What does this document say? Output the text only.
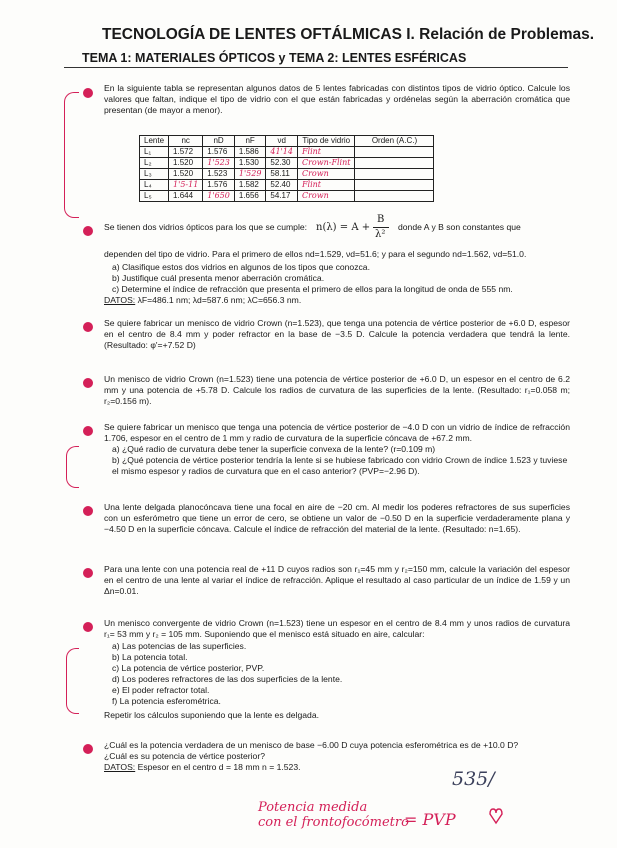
TECNOLOGÍA DE LENTES OFTÁLMICAS I. Relación de Problemas.
TEMA 1: MATERIALES ÓPTICOS y TEMA 2: LENTES ESFÉRICAS
En la siguiente tabla se representan algunos datos de 5 lentes fabricadas con distintos tipos de vidrio óptico. Calcule los valores que faltan, indique el tipo de vidrio con el que están fabricadas y ordénelas según la aberración cromática que presentan (de mayor a menor).
Lente	nc	nD	nF	νd	Tipo de vidrio	Orden (A.C.)
L₁	1.572	1.576	1.586	41'14	Flint	
L₂	1.520	1'523	1.530	52.30	Crown-Flint	
L₃	1.520	1.523	1'529	58.11	Crown	
L₄	1'5-11	1.576	1.582	52.40	Flint	
L₅	1.644	1'650	1.656	54.17	Crown	
Se tienen dos vidrios ópticos para los que se cumple: n(λ) = A +
B
λ²
donde A y B son constantes que
dependen del tipo de vidrio. Para el primero de ellos nd=1.529, νd=51.6; y para el segundo nd=1.562, νd=51.0.
a) Clasifique estos dos vidrios en algunos de los tipos que conozca.
b) Justifique cuál presenta menor aberración cromática.
c) Determine el índice de refracción que presenta el primero de ellos para la longitud de onda de 555 nm.
DATOS: λF=486.1 nm; λd=587.6 nm; λC=656.3 nm.
Se quiere fabricar un menisco de vidrio Crown (n=1.523), que tenga una potencia de vértice posterior de +6.0 D, espesor en el centro de 8.4 mm y poder refractor en la base de −3.5 D. Calcule la potencia verdadera que tendrá la lente. (Resultado: φ'=+7.52 D)
Un menisco de vidrio Crown (n=1.523) tiene una potencia de vértice posterior de +6.0 D, un espesor en el centro de 6.2 mm y una potencia de +5.78 D. Calcule los radios de curvatura de las superficies de la lente. (Resultado: r₁=0.058 m; r₂=0.156 m).
Se quiere fabricar un menisco que tenga una potencia de vértice posterior de −4.0 D con un vidrio de índice de refracción 1.706, espesor en el centro de 1 mm y radio de curvatura de la superficie cóncava de +67.2 mm.
a) ¿Qué radio de curvatura debe tener la superficie convexa de la lente? (r=0.109 m)
b) ¿Qué potencia de vértice posterior tendría la lente si se hubiese fabricado con vidrio Crown de índice 1.523 y tuviese el mismo espesor y radios de curvatura que en el caso anterior? (PVP=−2.96 D).
Una lente delgada planocóncava tiene una focal en aire de −20 cm. Al medir los poderes refractores de sus superficies con un esferómetro que tiene un error de cero, se obtiene un valor de −0.50 D en la superficie verdaderamente plana y −4.50 D en la superficie cóncava. Calcule el índice de refracción del material de la lente. (Resultado: n=1.65).
Para una lente con una potencia real de +11 D cuyos radios son r₁=45 mm y r₂=150 mm, calcule la variación del espesor en el centro de una lente al variar el índice de refracción. Aplique el resultado al caso particular de un índice de 1.59 y un Δn=0.01.
Un menisco convergente de vidrio Crown (n=1.523) tiene un espesor en el centro de 8.4 mm y unos radios de curvatura r₁= 53 mm y r₂ = 105 mm. Suponiendo que el menisco está situado en aire, calcular:
a) Las potencias de las superficies.
b) La potencia total.
c) La potencia de vértice posterior, PVP.
d) Los poderes refractores de las dos superficies de la lente.
e) El poder refractor total.
f) La potencia esferométrica.
Repetir los cálculos suponiendo que la lente es delgada.
¿Cuál es la potencia verdadera de un menisco de base −6.00 D cuya potencia esferométrica es de +10.0 D?
¿Cuál es su potencia de vértice posterior?
DATOS: Espesor en el centro d = 18 mm n = 1.523.
535/
Potencia medida
con el frontofocómetro
= PVP
